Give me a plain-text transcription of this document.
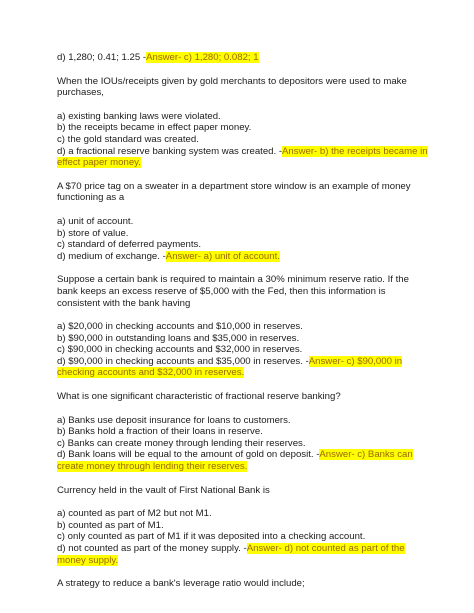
d) 1,280; 0.41; 1.25 -Answer- c) 1,280; 0.082; 1
When the IOUs/receipts given by gold merchants to depositors were used to make
purchases,
a) existing banking laws were violated.
b) the receipts became in effect paper money.
c) the gold standard was created.
d) a fractional reserve banking system was created. -Answer- b) the receipts became in
effect paper money.
A $70 price tag on a sweater in a department store window is an example of money
functioning as a
a) unit of account.
b) store of value.
c) standard of deferred payments.
d) medium of exchange. -Answer- a) unit of account.
Suppose a certain bank is required to maintain a 30% minimum reserve ratio. If the
bank keeps an excess reserve of $5,000 with the Fed, then this information is
consistent with the bank having
a) $20,000 in checking accounts and $10,000 in reserves.
b) $90,000 in outstanding loans and $35,000 in reserves.
c) $90,000 in checking accounts and $32,000 in reserves.
d) $90,000 in checking accounts and $35,000 in reserves. -Answer- c) $90,000 in
checking accounts and $32,000 in reserves.
What is one significant characteristic of fractional reserve banking?
a) Banks use deposit insurance for loans to customers.
b) Banks hold a fraction of their loans in reserve.
c) Banks can create money through lending their reserves.
d) Bank loans will be equal to the amount of gold on deposit. -Answer- c) Banks can
create money through lending their reserves.
Currency held in the vault of First National Bank is
a) counted as part of M2 but not M1.
b) counted as part of M1.
c) only counted as part of M1 if it was deposited into a checking account.
d) not counted as part of the money supply. -Answer- d) not counted as part of the
money supply.
A strategy to reduce a bank's leverage ratio would include;
